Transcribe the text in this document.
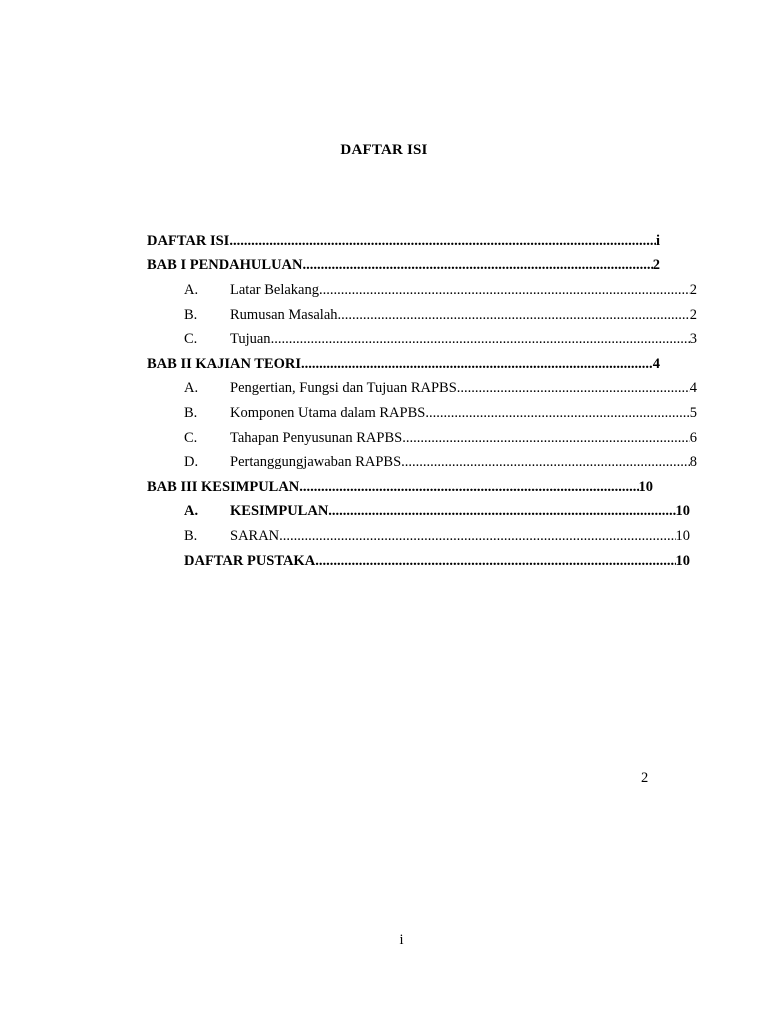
DAFTAR ISI
DAFTAR ISI .....	i
BAB I PENDAHULUAN .....	2
A.	Latar Belakang .....	2
B.	Rumusan Masalah .....	2
C.	Tujuan .....	3
BAB II KAJIAN TEORI .....	4
A.	Pengertian, Fungsi dan Tujuan RAPBS .....	4
B.	Komponen Utama dalam RAPBS .....	5
C.	Tahapan Penyusunan RAPBS .....	6
D.	Pertanggungjawaban RAPBS .....	8
BAB III KESIMPULAN .....	10
A.	KESIMPULAN .....	10
B.	SARAN .....	10
DAFTAR PUSTAKA .....	10
2
i
